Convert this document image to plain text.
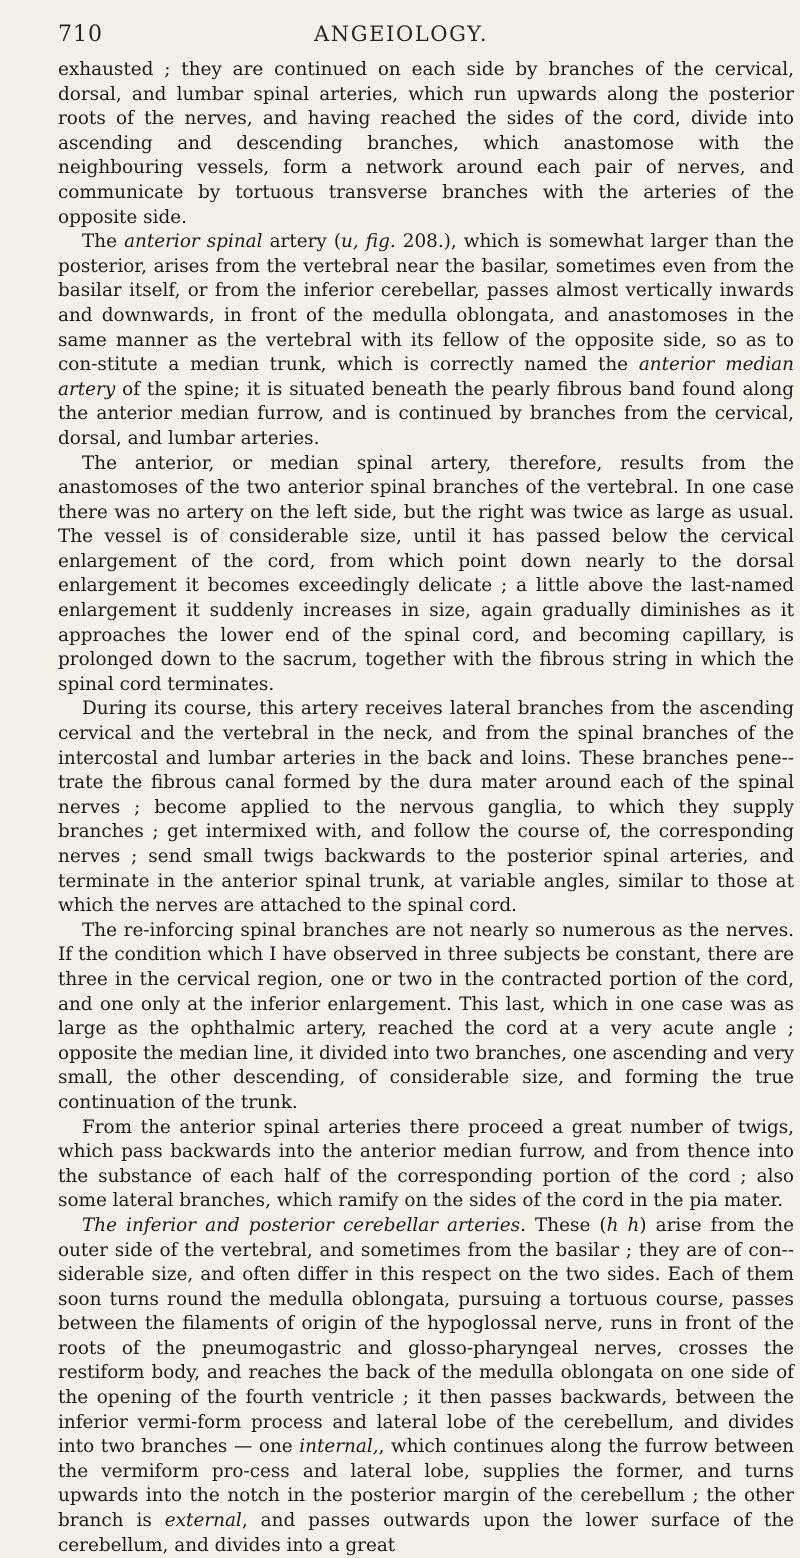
710	ANGEIOLOGY.

exhausted ; they are continued on each side by branches of the cervical, dorsal, and lumbar spinal arteries, which run upwards along the posterior roots of the nerves, and having reached the sides of the cord, divide into ascending and descending branches, which anastomose with the neighbouring vessels, form a network around each pair of nerves, and communicate by tortuous transverse branches with the arteries of the opposite side.

The anterior spinal artery (u, fig. 208.), which is somewhat larger than the posterior, arises from the vertebral near the basilar, sometimes even from the basilar itself, or from the inferior cerebellar, passes almost vertically inwards and downwards, in front of the medulla oblongata, and anastomoses in the same manner as the vertebral with its fellow of the opposite side, so as to con-stitute a median trunk, which is correctly named the anterior median artery of the spine; it is situated beneath the pearly fibrous band found along the anterior median furrow, and is continued by branches from the cervical, dorsal, and lumbar arteries.

The anterior, or median spinal artery, therefore, results from the anastomoses of the two anterior spinal branches of the vertebral. In one case there was no artery on the left side, but the right was twice as large as usual. The vessel is of considerable size, until it has passed below the cervical enlargement of the cord, from which point down nearly to the dorsal enlargement it becomes exceedingly delicate ; a little above the last-named enlargement it suddenly increases in size, again gradually diminishes as it approaches the lower end of the spinal cord, and becoming capillary, is prolonged down to the sacrum, together with the fibrous string in which the spinal cord terminates.

During its course, this artery receives lateral branches from the ascending cervical and the vertebral in the neck, and from the spinal branches of the intercostal and lumbar arteries in the back and loins. These branches pene-trate the fibrous canal formed by the dura mater around each of the spinal nerves ; become applied to the nervous ganglia, to which they supply branches ; get intermixed with, and follow the course of, the corresponding nerves ; send small twigs backwards to the posterior spinal arteries, and terminate in the anterior spinal trunk, at variable angles, similar to those at which the nerves are attached to the spinal cord.

The re-inforcing spinal branches are not nearly so numerous as the nerves. If the condition which I have observed in three subjects be constant, there are three in the cervical region, one or two in the contracted portion of the cord, and one only at the inferior enlargement. This last, which in one case was as large as the ophthalmic artery, reached the cord at a very acute angle ; opposite the median line, it divided into two branches, one ascending and very small, the other descending, of considerable size, and forming the true continuation of the trunk.

From the anterior spinal arteries there proceed a great number of twigs, which pass backwards into the anterior median furrow, and from thence into the substance of each half of the corresponding portion of the cord ; also some lateral branches, which ramify on the sides of the cord in the pia mater.

The inferior and posterior cerebellar arteries. These (h h) arise from the outer side of the vertebral, and sometimes from the basilar ; they are of con-siderable size, and often differ in this respect on the two sides. Each of them soon turns round the medulla oblongata, pursuing a tortuous course, passes between the filaments of origin of the hypoglossal nerve, runs in front of the roots of the pneumogastric and glosso-pharyngeal nerves, crosses the restiform body, and reaches the back of the medulla oblongata on one side of the opening of the fourth ventricle ; it then passes backwards, between the inferior vermi-form process and lateral lobe of the cerebellum, and divides into two branches — one internal,, which continues along the furrow between the vermiform pro-cess and lateral lobe, supplies the former, and turns upwards into the notch in the posterior margin of the cerebellum ; the other branch is external, and passes outwards upon the lower surface of the cerebellum, and divides into a great
